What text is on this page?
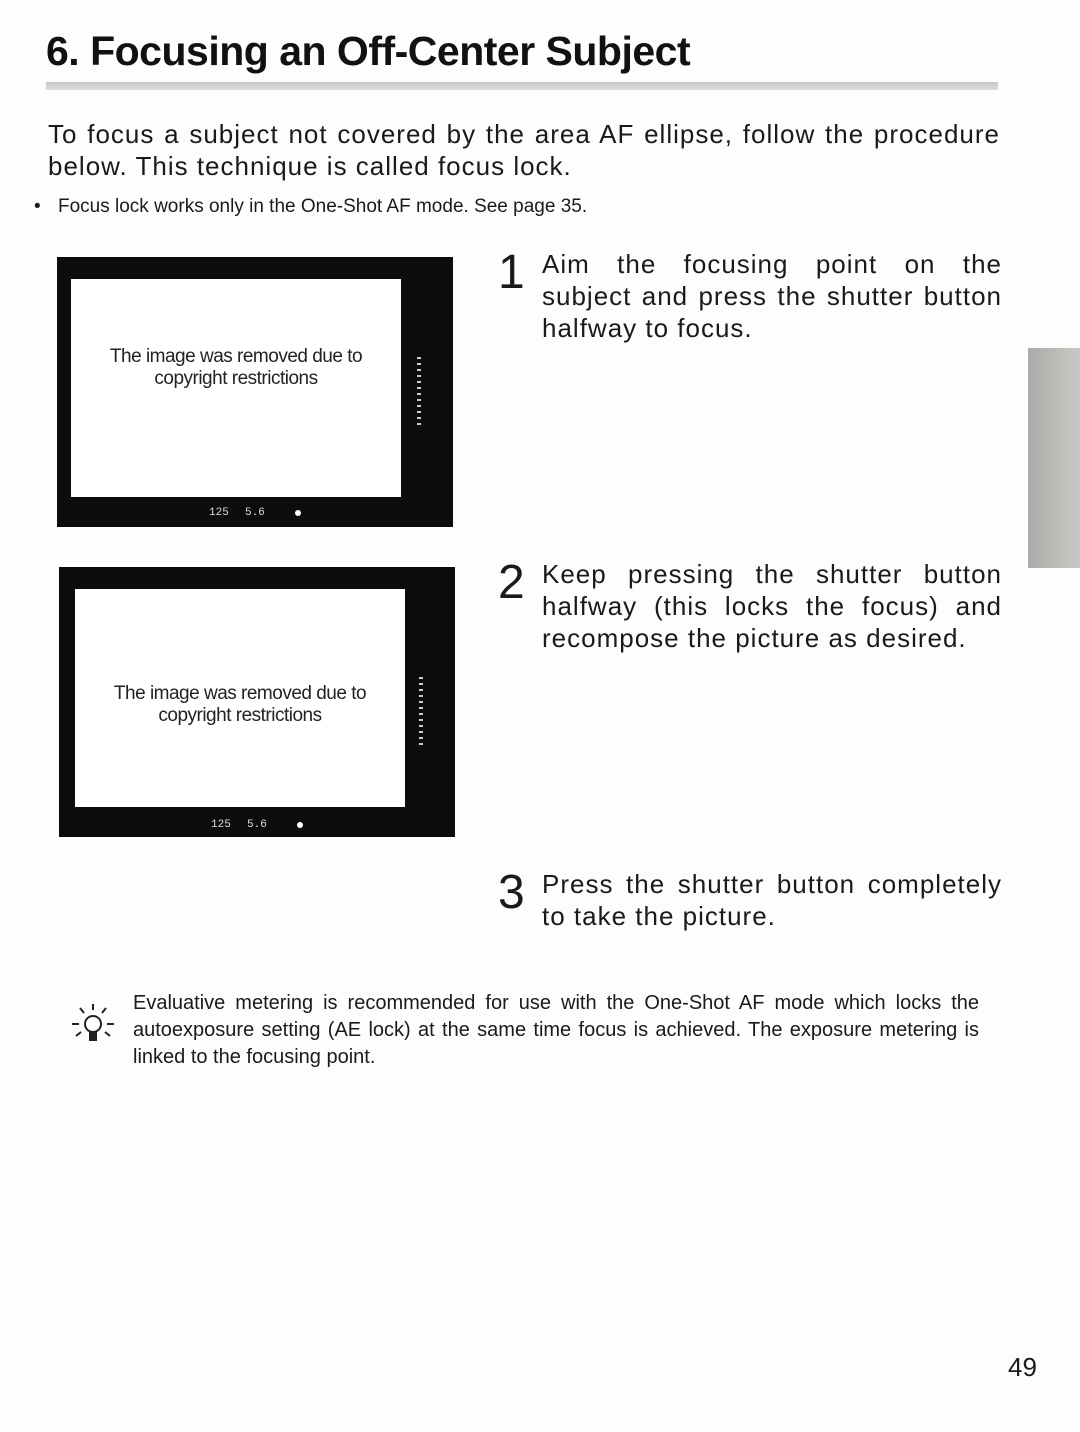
6. Focusing an Off-Center Subject
To focus a subject not covered by the area AF ellipse, follow the procedure below. This technique is called focus lock.
• Focus lock works only in the One-Shot AF mode. See page 35.
The image was removed due to
copyright restrictions
125 5.6
The image was removed due to
copyright restrictions
125 5.6
1 Aim the focusing point on the subject and press the shutter button halfway to focus.
2 Keep pressing the shutter button halfway (this locks the focus) and recompose the picture as desired.
3 Press the shutter button completely to take the picture.
Evaluative metering is recommended for use with the One-Shot AF mode which locks the autoexposure setting (AE lock) at the same time focus is achieved. The exposure metering is linked to the focusing point.
49
